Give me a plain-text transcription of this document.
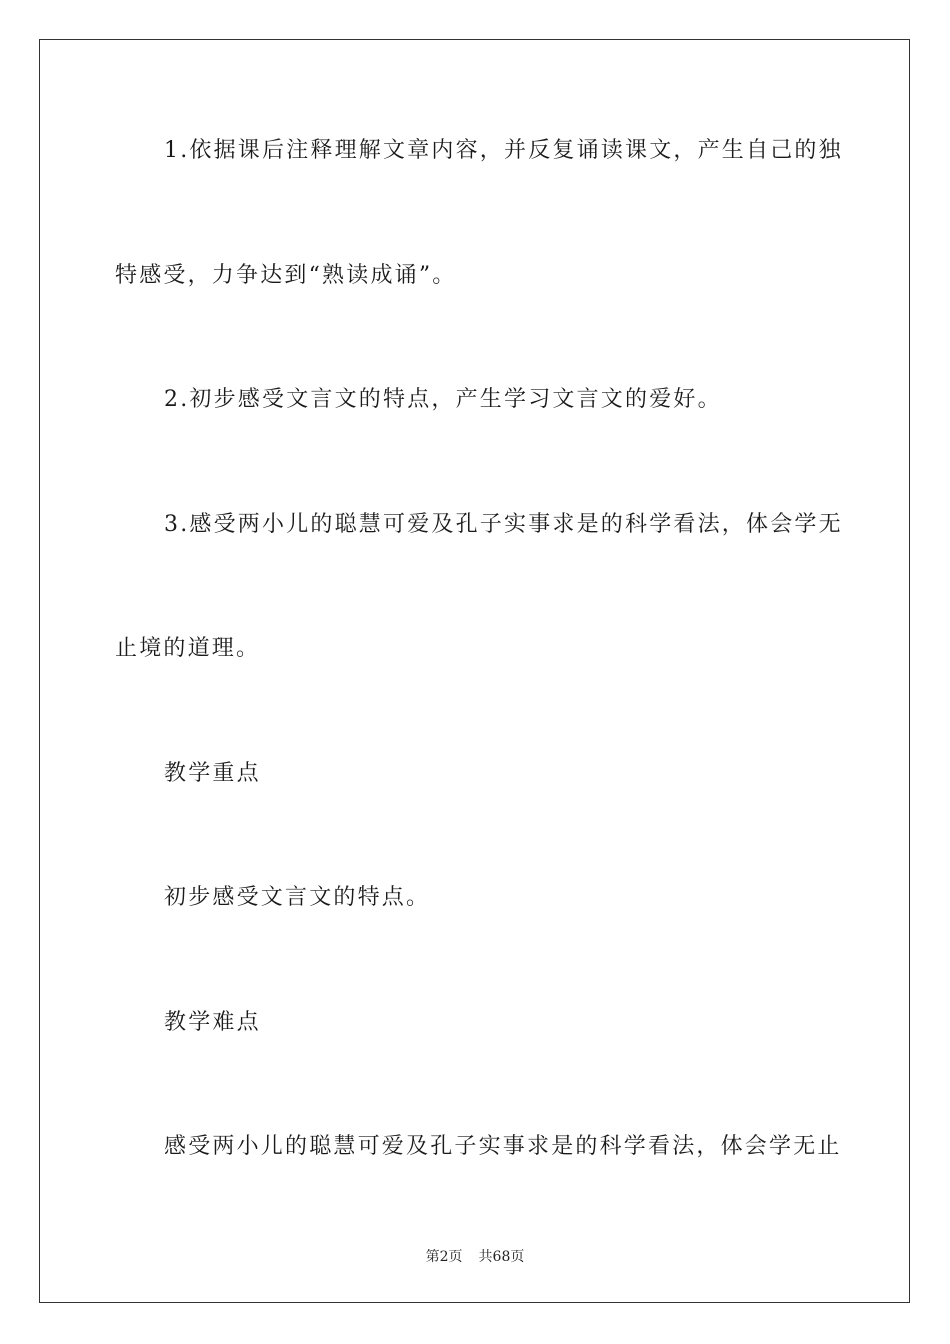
1.依据课后注释理解文章内容，并反复诵读课文，产生自己的独
特感受，力争达到“熟读成诵”。
2.初步感受文言文的特点，产生学习文言文的爱好。
3.感受两小儿的聪慧可爱及孔子实事求是的科学看法，体会学无
止境的道理。
教学重点
初步感受文言文的特点。
教学难点
感受两小儿的聪慧可爱及孔子实事求是的科学看法，体会学无止
第2页 共68页
